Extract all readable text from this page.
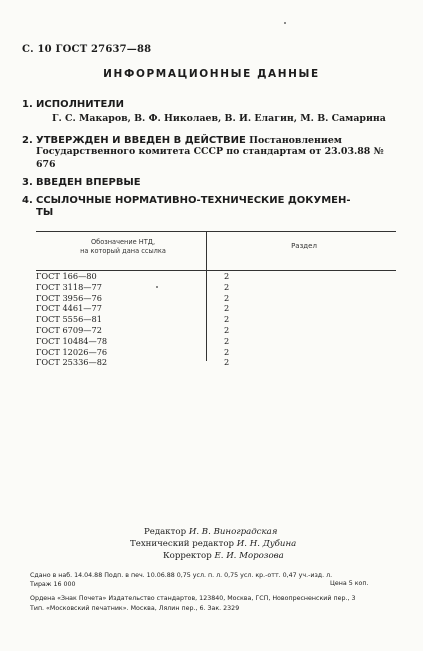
С. 10 ГОСТ 27637—88
ИНФОРМАЦИОННЫЕ ДАННЫЕ
1. ИСПОЛНИТЕЛИ
Г. С. Макаров, В. Ф. Николаев, В. И. Елагин, М. В. Самарина
2. УТВЕРЖДЕН И ВВЕДЕН В ДЕЙСТВИЕ Постановлением
Государственного комитета СССР по стандартам от 23.03.88 № 676
3. ВВЕДЕН ВПЕРВЫЕ
4. ССЫЛОЧНЫЕ НОРМАТИВНО-ТЕХНИЧЕСКИЕ ДОКУМЕН-
ТЫ
Обозначение НТД,
на который дана ссылка
Раздел
ГОСТ 166—80
ГОСТ 3118—77
ГОСТ 3956—76
ГОСТ 4461—77
ГОСТ 5556—81
ГОСТ 6709—72
ГОСТ 10484—78
ГОСТ 12026—76
ГОСТ 25336—82
2
2
2
2
2
2
2
2
2
Редактор И. В. Виноградская
Технический редактор И. Н. Дубина
Корректор Е. И. Морозова
Сдано в наб. 14.04.88 Подп. в печ. 10.06.88 0,75 усл. п. л. 0,75 усл. кр.-отт. 0,47 уч.-изд. л.
Тираж 16 000	Цена 5 коп.
Ордена «Знак Почета» Издательство стандартов, 123840, Москва, ГСП, Новопресненский пер., 3
Тип. «Московский печатник». Москва, Лялин пер., 6. Зак. 2329
